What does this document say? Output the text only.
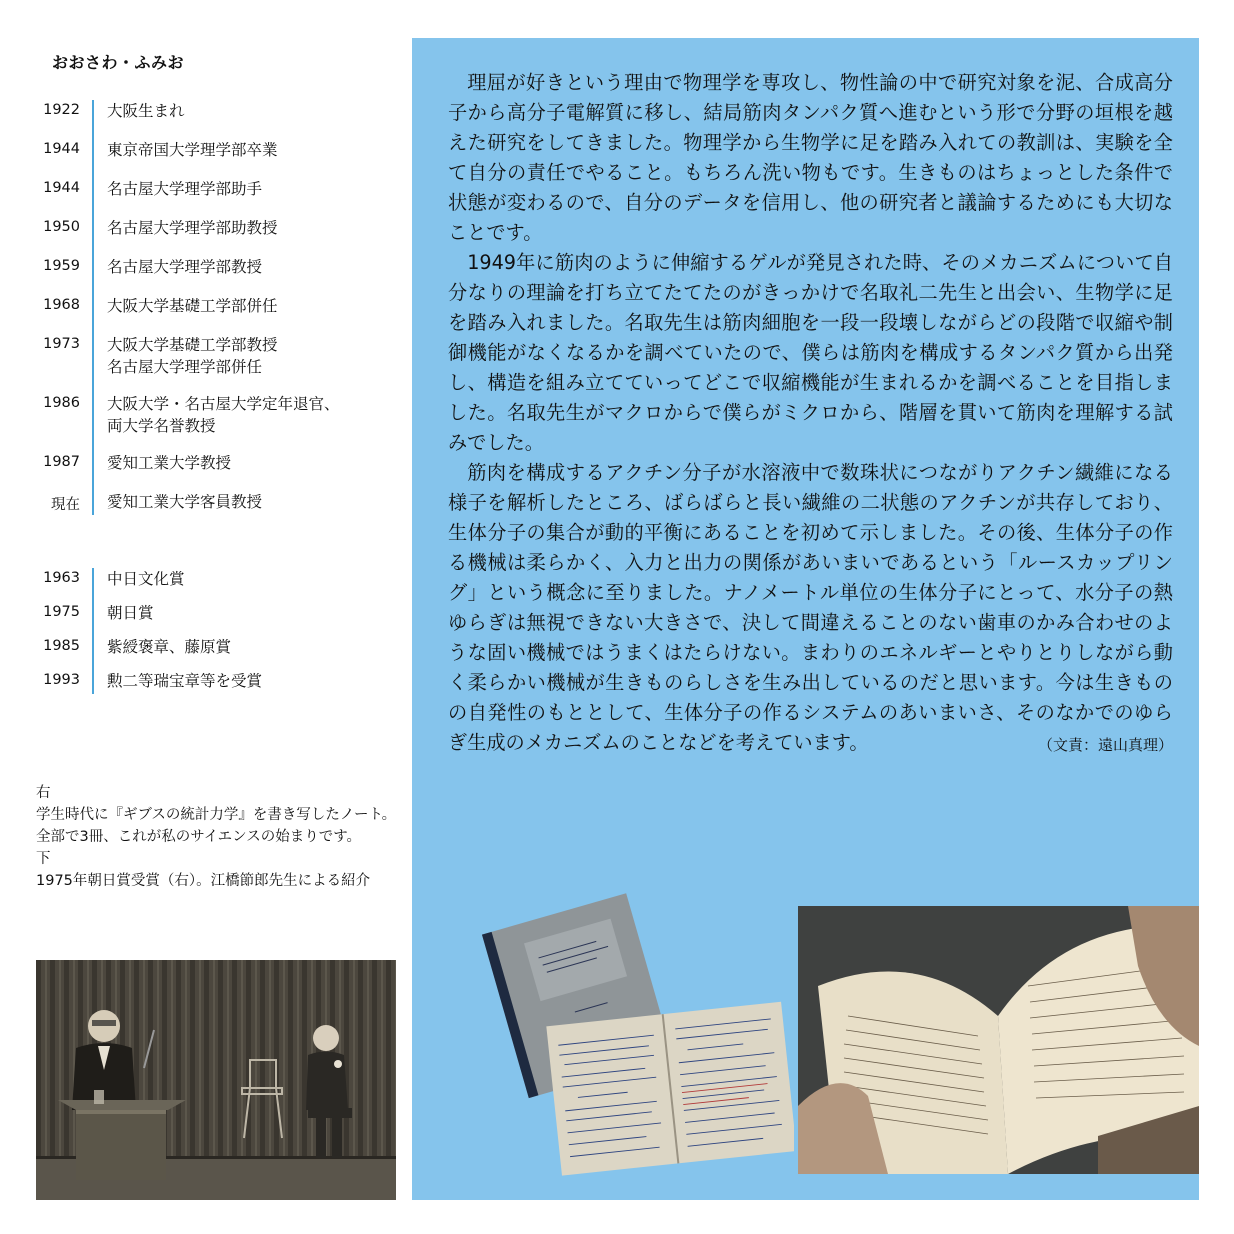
おおさわ・ふみお
1922	大阪生まれ
1944	東京帝国大学理学部卒業
1944	名古屋大学理学部助手
1950	名古屋大学理学部助教授
1959	名古屋大学理学部教授
1968	大阪大学基礎工学部併任
1973	大阪大学基礎工学部教授
名古屋大学理学部併任
1986	大阪大学・名古屋大学定年退官、
両大学名誉教授
1987	愛知工業大学教授
現在	愛知工業大学客員教授
1963	中日文化賞
1975	朝日賞
1985	紫綬褒章、藤原賞
1993	勲二等瑞宝章等を受賞
右
学生時代に『ギブスの統計力学』を書き写したノート。全部で3冊、これが私のサイエンスの始まりです。
下
1975年朝日賞受賞（右）。江橋節郎先生による紹介

理屈が好きという理由で物理学を専攻し、物性論の中で研究対象を泥、合成高分子から高分子電解質に移し、結局筋肉タンパク質へ進むという形で分野の垣根を越えた研究をしてきました。物理学から生物学に足を踏み入れての教訓は、実験を全て自分の責任でやること。もちろん洗い物もです。生きものはちょっとした条件で状態が変わるので、自分のデータを信用し、他の研究者と議論するためにも大切なことです。

1949年に筋肉のように伸縮するゲルが発見された時、そのメカニズムについて自分なりの理論を打ち立てたてたのがきっかけで名取礼二先生と出会い、生物学に足を踏み入れました。名取先生は筋肉細胞を一段一段壊しながらどの段階で収縮や制御機能がなくなるかを調べていたので、僕らは筋肉を構成するタンパク質から出発し、構造を組み立てていってどこで収縮機能が生まれるかを調べることを目指しました。名取先生がマクロからで僕らがミクロから、階層を貫いて筋肉を理解する試みでした。

筋肉を構成するアクチン分子が水溶液中で数珠状につながりアクチン繊維になる様子を解析したところ、ばらばらと長い繊維の二状態のアクチンが共存しており、生体分子の集合が動的平衡にあることを初めて示しました。その後、生体分子の作る機械は柔らかく、入力と出力の関係があいまいであるという「ルースカップリング」という概念に至りました。ナノメートル単位の生体分子にとって、水分子の熱ゆらぎは無視できない大きさで、決して間違えることのない歯車のかみ合わせのような固い機械ではうまくはたらけない。まわりのエネルギーとやりとりしながら動く柔らかい機械が生きものらしさを生み出しているのだと思います。今は生きものの自発性のもととして、生体分子の作るシステムのあいまいさ、そのなかでのゆらぎ生成のメカニズムのことなどを考えています。	（文責：遠山真理）
